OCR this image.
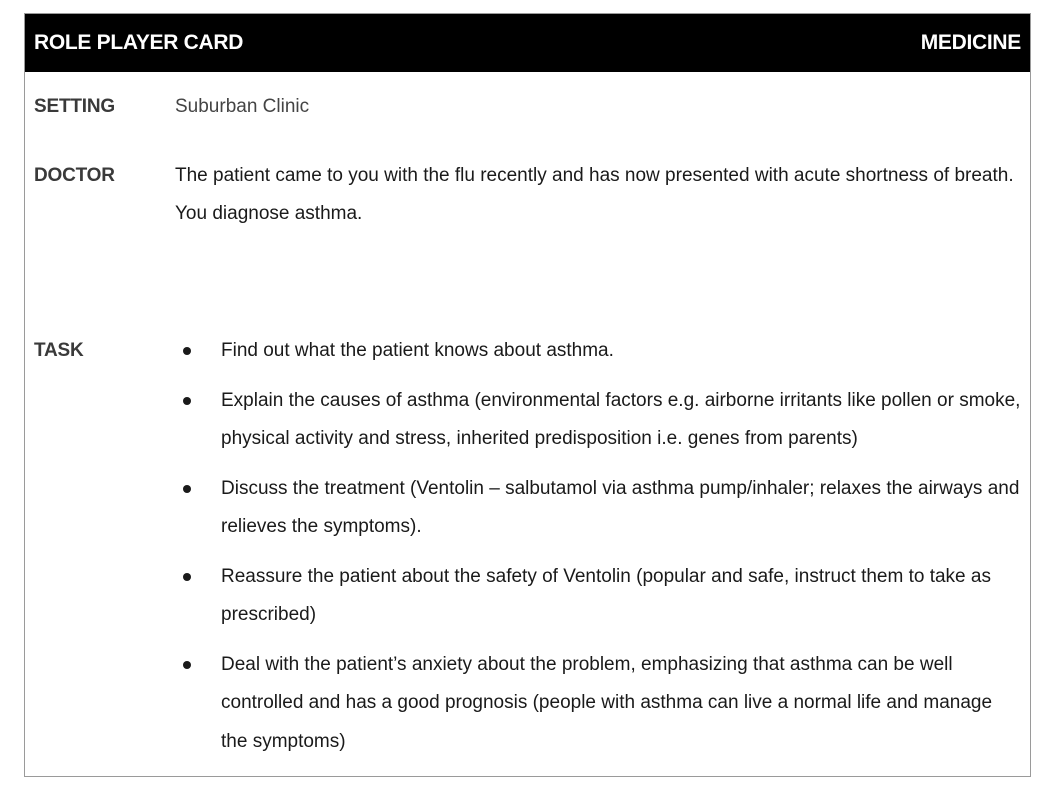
ROLE PLAYER CARD	MEDICINE
SETTING	Suburban Clinic
DOCTOR	The patient came to you with the flu recently and has now presented with acute shortness of breath. You diagnose asthma.
TASK	Find out what the patient knows about asthma.
Explain the causes of asthma (environmental factors e.g. airborne irritants like pollen or smoke, physical activity and stress, inherited predisposition i.e. genes from parents)
Discuss the treatment (Ventolin – salbutamol via asthma pump/inhaler; relaxes the airways and relieves the symptoms).
Reassure the patient about the safety of Ventolin (popular and safe, instruct them to take as prescribed)
Deal with the patient’s anxiety about the problem, emphasizing that asthma can be well controlled and has a good prognosis (people with asthma can live a normal life and manage the symptoms)
